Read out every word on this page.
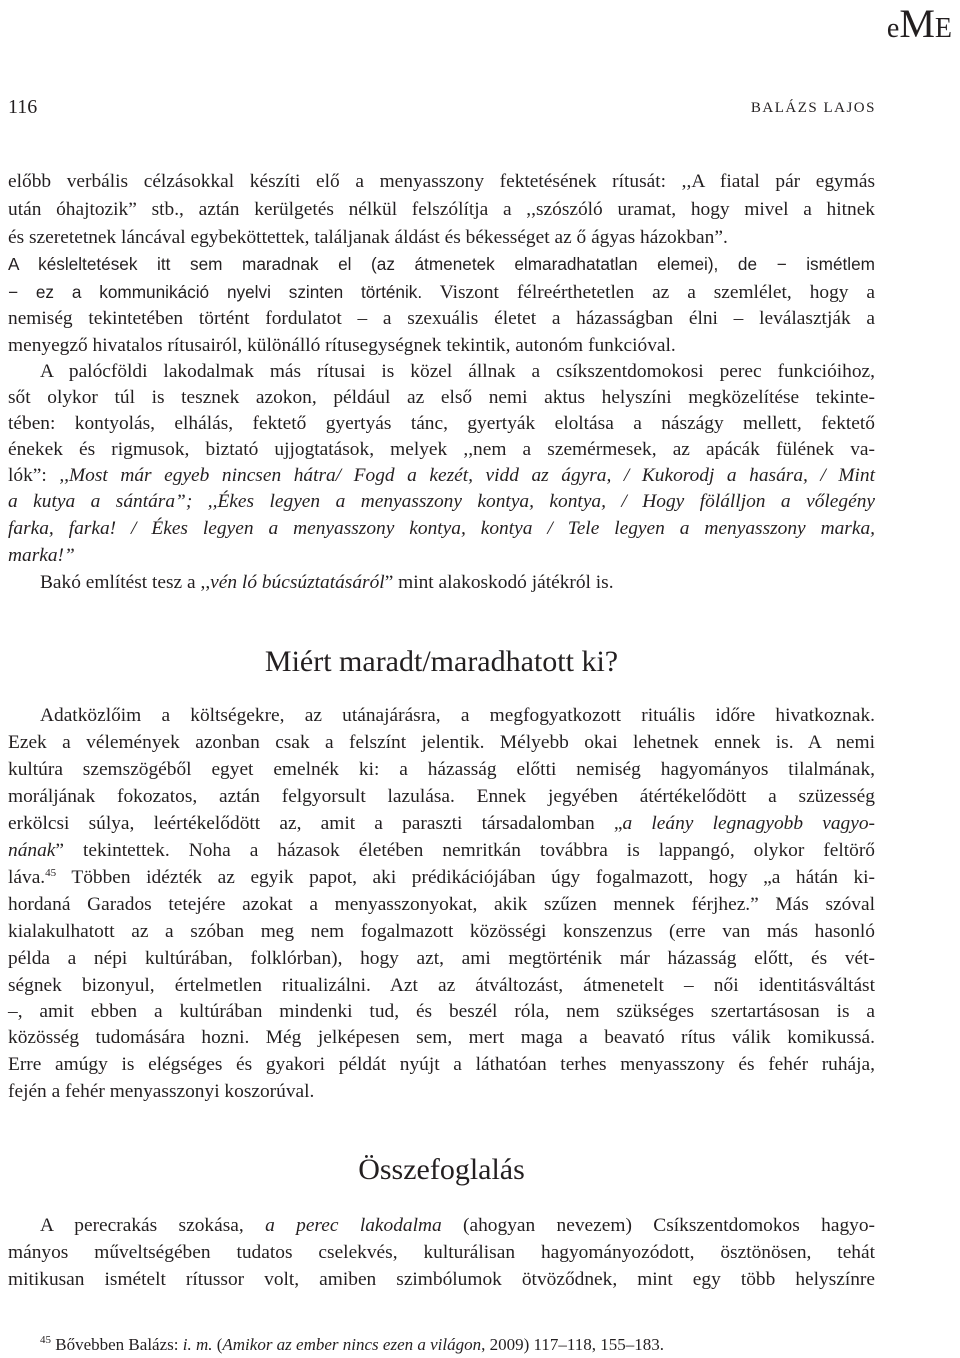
eME
116	BALÁZS LAJOS
előbb verbális célzásokkal készíti elő a menyasszony fektetésének rítusát: ,,A fiatal pár egymás
után óhajtozik” stb., aztán kerülgetés nélkül felszólítja a ,,szószóló uramat, hogy mivel a hitnek
és szeretetnek láncával egybeköttettek, találjanak áldást és békességet az ő ágyas házokban”.
A késleltetések itt sem maradnak el (az átmenetek elmaradhatatlan elemei), de − ismétlem
− ez a kommunikáció nyelvi szinten történik. Viszont félreérthetetlen az a szemlélet, hogy a
nemiség tekintetében történt fordulatot – a szexuális életet a házasságban élni – leválasztják a
menyegző hivatalos rítusairól, különálló rítusegységnek tekintik, autonóm funkcióval.
A palócföldi lakodalmak más rítusai is közel állnak a csíkszentdomokosi perec funkcióihoz,
sőt olykor túl is tesznek azokon, például az első nemi aktus helyszíni megközelítése tekinte-
tében: kontyolás, elhálás, fektető gyertyás tánc, gyertyák eloltása a nászágy mellett, fektető
énekek és rigmusok, biztató ujjogtatások, melyek ,,nem a szemérmesek, az apácák fülének va-
lók”: ,,Most már egyeb nincsen hátra/ Fogd a kezét, vidd az ágyra, / Kukorodj a hasára, / Mint
a kutya a sántára”; ,,Ékes legyen a menyasszony kontya, kontya, / Hogy fölálljon a vőlegény
farka, farka! / Ékes legyen a menyasszony kontya, kontya / Tele legyen a menyasszony marka,
marka!”
Bakó említést tesz a ,,vén ló búcsúztatásáról” mint alakoskodó játékról is.
Miért maradt/maradhatott ki?
Adatközlőim a költségekre, az utánajárásra, a megfogyatkozott rituális időre hivatkoznak.
Ezek a vélemények azonban csak a felszínt jelentik. Mélyebb okai lehetnek ennek is. A nemi
kultúra szemszögéből egyet emelnék ki: a házasság előtti nemiség hagyományos tilalmának,
moráljának fokozatos, aztán felgyorsult lazulása. Ennek jegyében átértékelődött a szüzesség
erkölcsi súlya, leértékelődött az, amit a paraszti társadalomban „a leány legnagyobb vagyo-
nának” tekintettek. Noha a házasok életében nemritkán továbbra is lappangó, olykor feltörő
láva.$^{45}$ Többen idézték az egyik papot, aki prédikációjában úgy fogalmazott, hogy „a hátán ki-
hordaná Garados tetejére azokat a menyasszonyokat, akik szűzen mennek férjhez.” Más szóval
kialakulhatott az a szóban meg nem fogalmazott közösségi konszenzus (erre van más hasonló
példa a népi kultúrában, folklórban), hogy azt, ami megtörténik már házasság előtt, és vét-
ségnek bizonyul, értelmetlen ritualizálni. Azt az átváltozást, átmenetelt – női identitásváltást
–, amit ebben a kultúrában mindenki tud, és beszél róla, nem szükséges szertartásosan is a
közösség tudomására hozni. Még jelképesen sem, mert maga a beavató rítus válik komikussá.
Erre amúgy is elégséges és gyakori példát nyújt a láthatóan terhes menyasszony és fehér ruhája,
fején a fehér menyasszonyi koszorúval.
Összefoglalás
A perecrakás szokása, a perec lakodalma (ahogyan nevezem) Csíkszentdomokos hagyo-
mányos műveltségében tudatos cselekvés, kulturálisan hagyományozódott, ösztönösen, tehát
mitikusan ismételt rítussor volt, amiben szimbólumok ötvöződnek, mint egy több helyszínre
$^{45}$ Bővebben Balázs: i. m. (Amikor az ember nincs ezen a világon, 2009) 117–118, 155–183.
